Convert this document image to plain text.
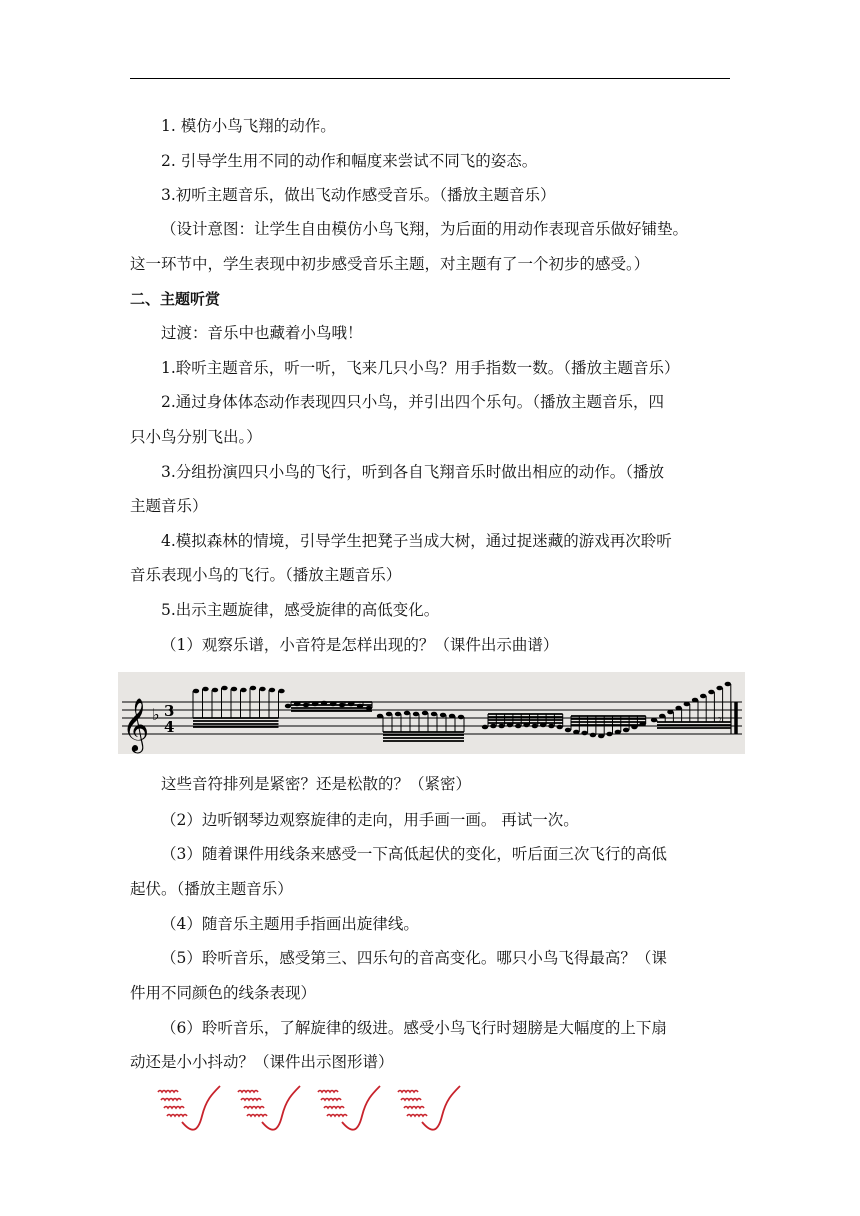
1. 模仿小鸟飞翔的动作。
2. 引导学生用不同的动作和幅度来尝试不同飞的姿态。
3.初听主题音乐，做出飞动作感受音乐。（播放主题音乐）
（设计意图：让学生自由模仿小鸟飞翔，为后面的用动作表现音乐做好铺垫。
这一环节中，学生表现中初步感受音乐主题，对主题有了一个初步的感受。）
二、主题听赏
过渡：音乐中也藏着小鸟哦！
1.聆听主题音乐，听一听，飞来几只小鸟？用手指数一数。（播放主题音乐）
2.通过身体体态动作表现四只小鸟，并引出四个乐句。（播放主题音乐，四
只小鸟分别飞出。）
3.分组扮演四只小鸟的飞行，听到各自飞翔音乐时做出相应的动作。（播放
主题音乐）
4.模拟森林的情境，引导学生把凳子当成大树，通过捉迷藏的游戏再次聆听
音乐表现小鸟的飞行。（播放主题音乐）
5.出示主题旋律，感受旋律的高低变化。
（1）观察乐谱，小音符是怎样出现的？（课件出示曲谱）
𝄞 ♭ 3
4	𝄾
这些音符排列是紧密？还是松散的？（紧密）
（2）边听钢琴边观察旋律的走向，用手画一画。 再试一次。
（3）随着课件用线条来感受一下高低起伏的变化，听后面三次飞行的高低
起伏。（播放主题音乐）
（4）随音乐主题用手指画出旋律线。
（5）聆听音乐，感受第三、四乐句的音高变化。哪只小鸟飞得最高？（课
件用不同颜色的线条表现）
（6）聆听音乐，了解旋律的级进。感受小鸟飞行时翅膀是大幅度的上下扇
动还是小小抖动？（课件出示图形谱）
